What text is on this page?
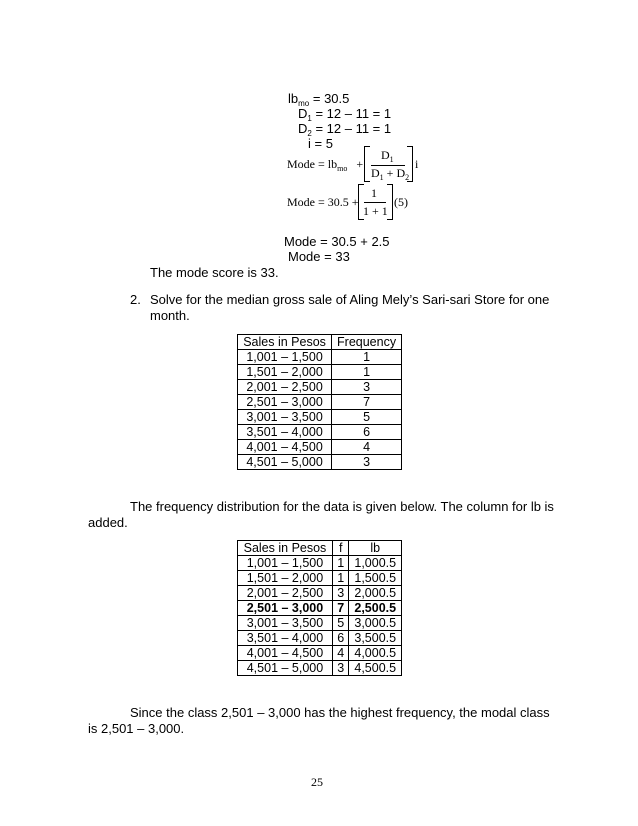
$lb_{mo} = 30.5$
$D_1 = 12 - 11 = 1$
$D_2 = 12 - 11 = 1$
i = 5
Mode = $lb_{mo}$ +
$D_1$
$D_1 + D_2$
i
Mode = 30.5 +
1
1 + 1
(5)
Mode = 30.5 + 2.5
Mode = 33
The mode score is 33.
2. Solve for the median gross sale of Aling Mely’s Sari-sari Store for one
month.
Sales in Pesos	Frequency
1,001 – 1,500	1
1,501 – 2,000	1
2,001 – 2,500	3
2,501 – 3,000	7
3,001 – 3,500	5
3,501 – 4,000	6
4,001 – 4,500	4
4,501 – 5,000	3
The frequency distribution for the data is given below. The column for lb is
added.
Sales in Pesos	f	lb
1,001 – 1,500	1	1,000.5
1,501 – 2,000	1	1,500.5
2,001 – 2,500	3	2,000.5
2,501 – 3,000	7	2,500.5
3,001 – 3,500	5	3,000.5
3,501 – 4,000	6	3,500.5
4,001 – 4,500	4	4,000.5
4,501 – 5,000	3	4,500.5
Since the class 2,501 – 3,000 has the highest frequency, the modal class
is 2,501 – 3,000.
25
